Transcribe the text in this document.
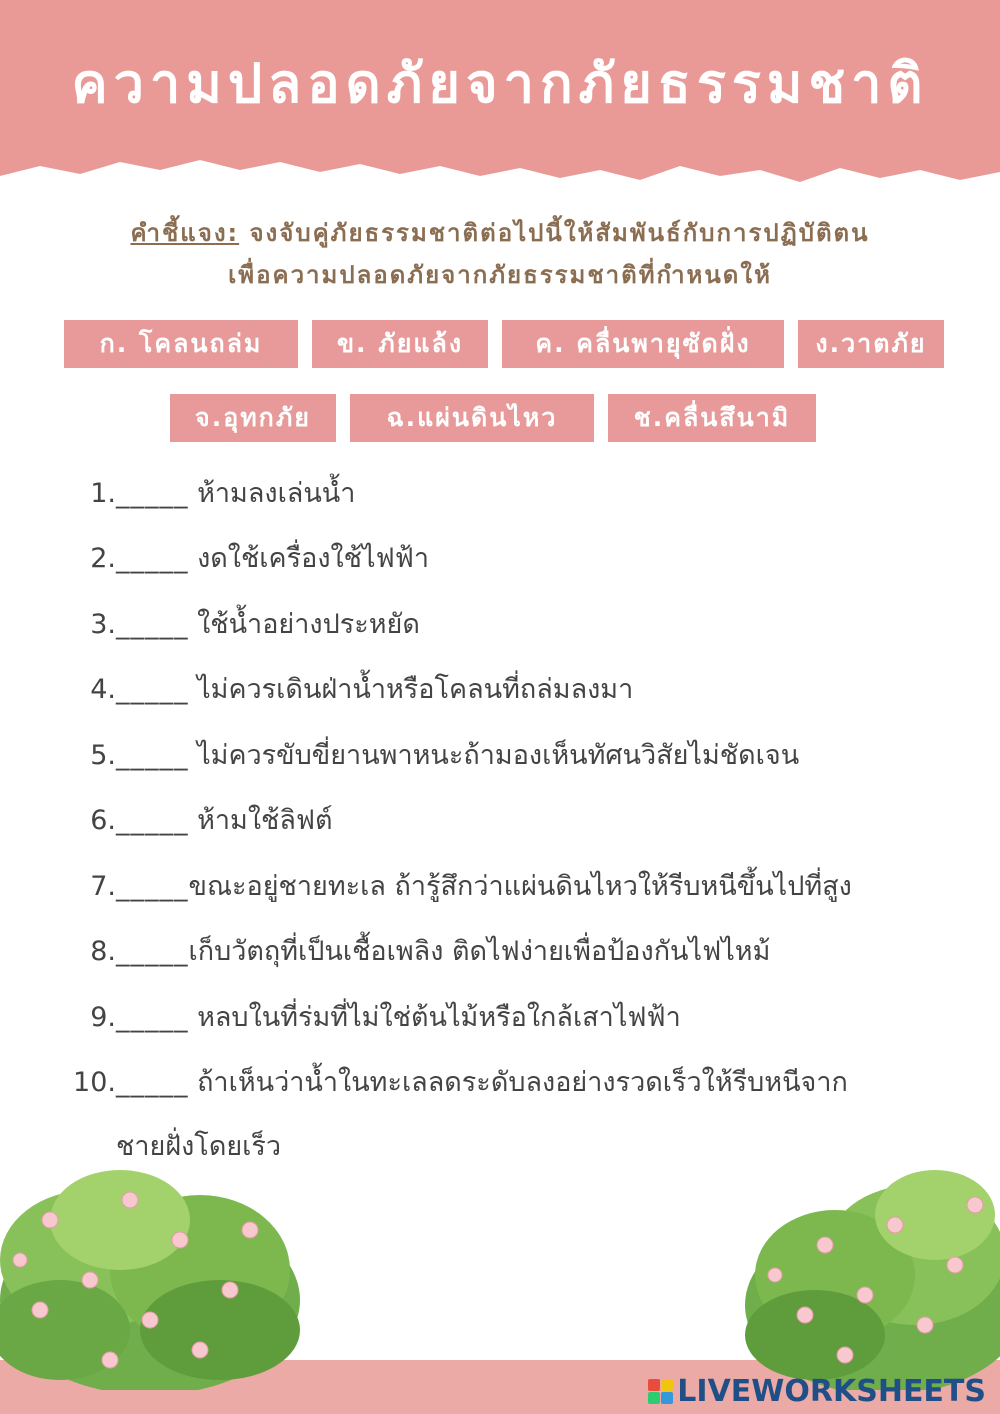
ความปลอดภัยจากภัยธรรมชาติ
คำชี้แจง: จงจับคู่ภัยธรรมชาติต่อไปนี้ให้สัมพันธ์กับการปฏิบัติตน
เพื่อความปลอดภัยจากภัยธรรมชาติที่กำหนดให้
ก. โคลนถล่ม	ข. ภัยแล้ง	ค. คลื่นพายุซัดฝั่ง	ง.วาตภัย
จ.อุทกภัย	ฉ.แผ่นดินไหว	ช.คลื่นสึนามิ
1._____ ห้ามลงเล่นน้ำ
2._____ งดใช้เครื่องใช้ไฟฟ้า
3._____ ใช้น้ำอย่างประหยัด
4._____ ไม่ควรเดินฝ่าน้ำหรือโคลนที่ถล่มลงมา
5._____ ไม่ควรขับขี่ยานพาหนะถ้ามองเห็นทัศนวิสัยไม่ชัดเจน
6._____ ห้ามใช้ลิฟต์
7._____ขณะอยู่ชายทะเล ถ้ารู้สึกว่าแผ่นดินไหวให้รีบหนีขึ้นไปที่สูง
8._____เก็บวัตถุที่เป็นเชื้อเพลิง ติดไฟง่ายเพื่อป้องกันไฟไหม้
9._____ หลบในที่ร่มที่ไม่ใช่ต้นไม้หรือใกล้เสาไฟฟ้า
10._____ ถ้าเห็นว่าน้ำในทะเลลดระดับลงอย่างรวดเร็วให้รีบหนีจาก
ชายฝั่งโดยเร็ว
LIVEWORKSHEETS
